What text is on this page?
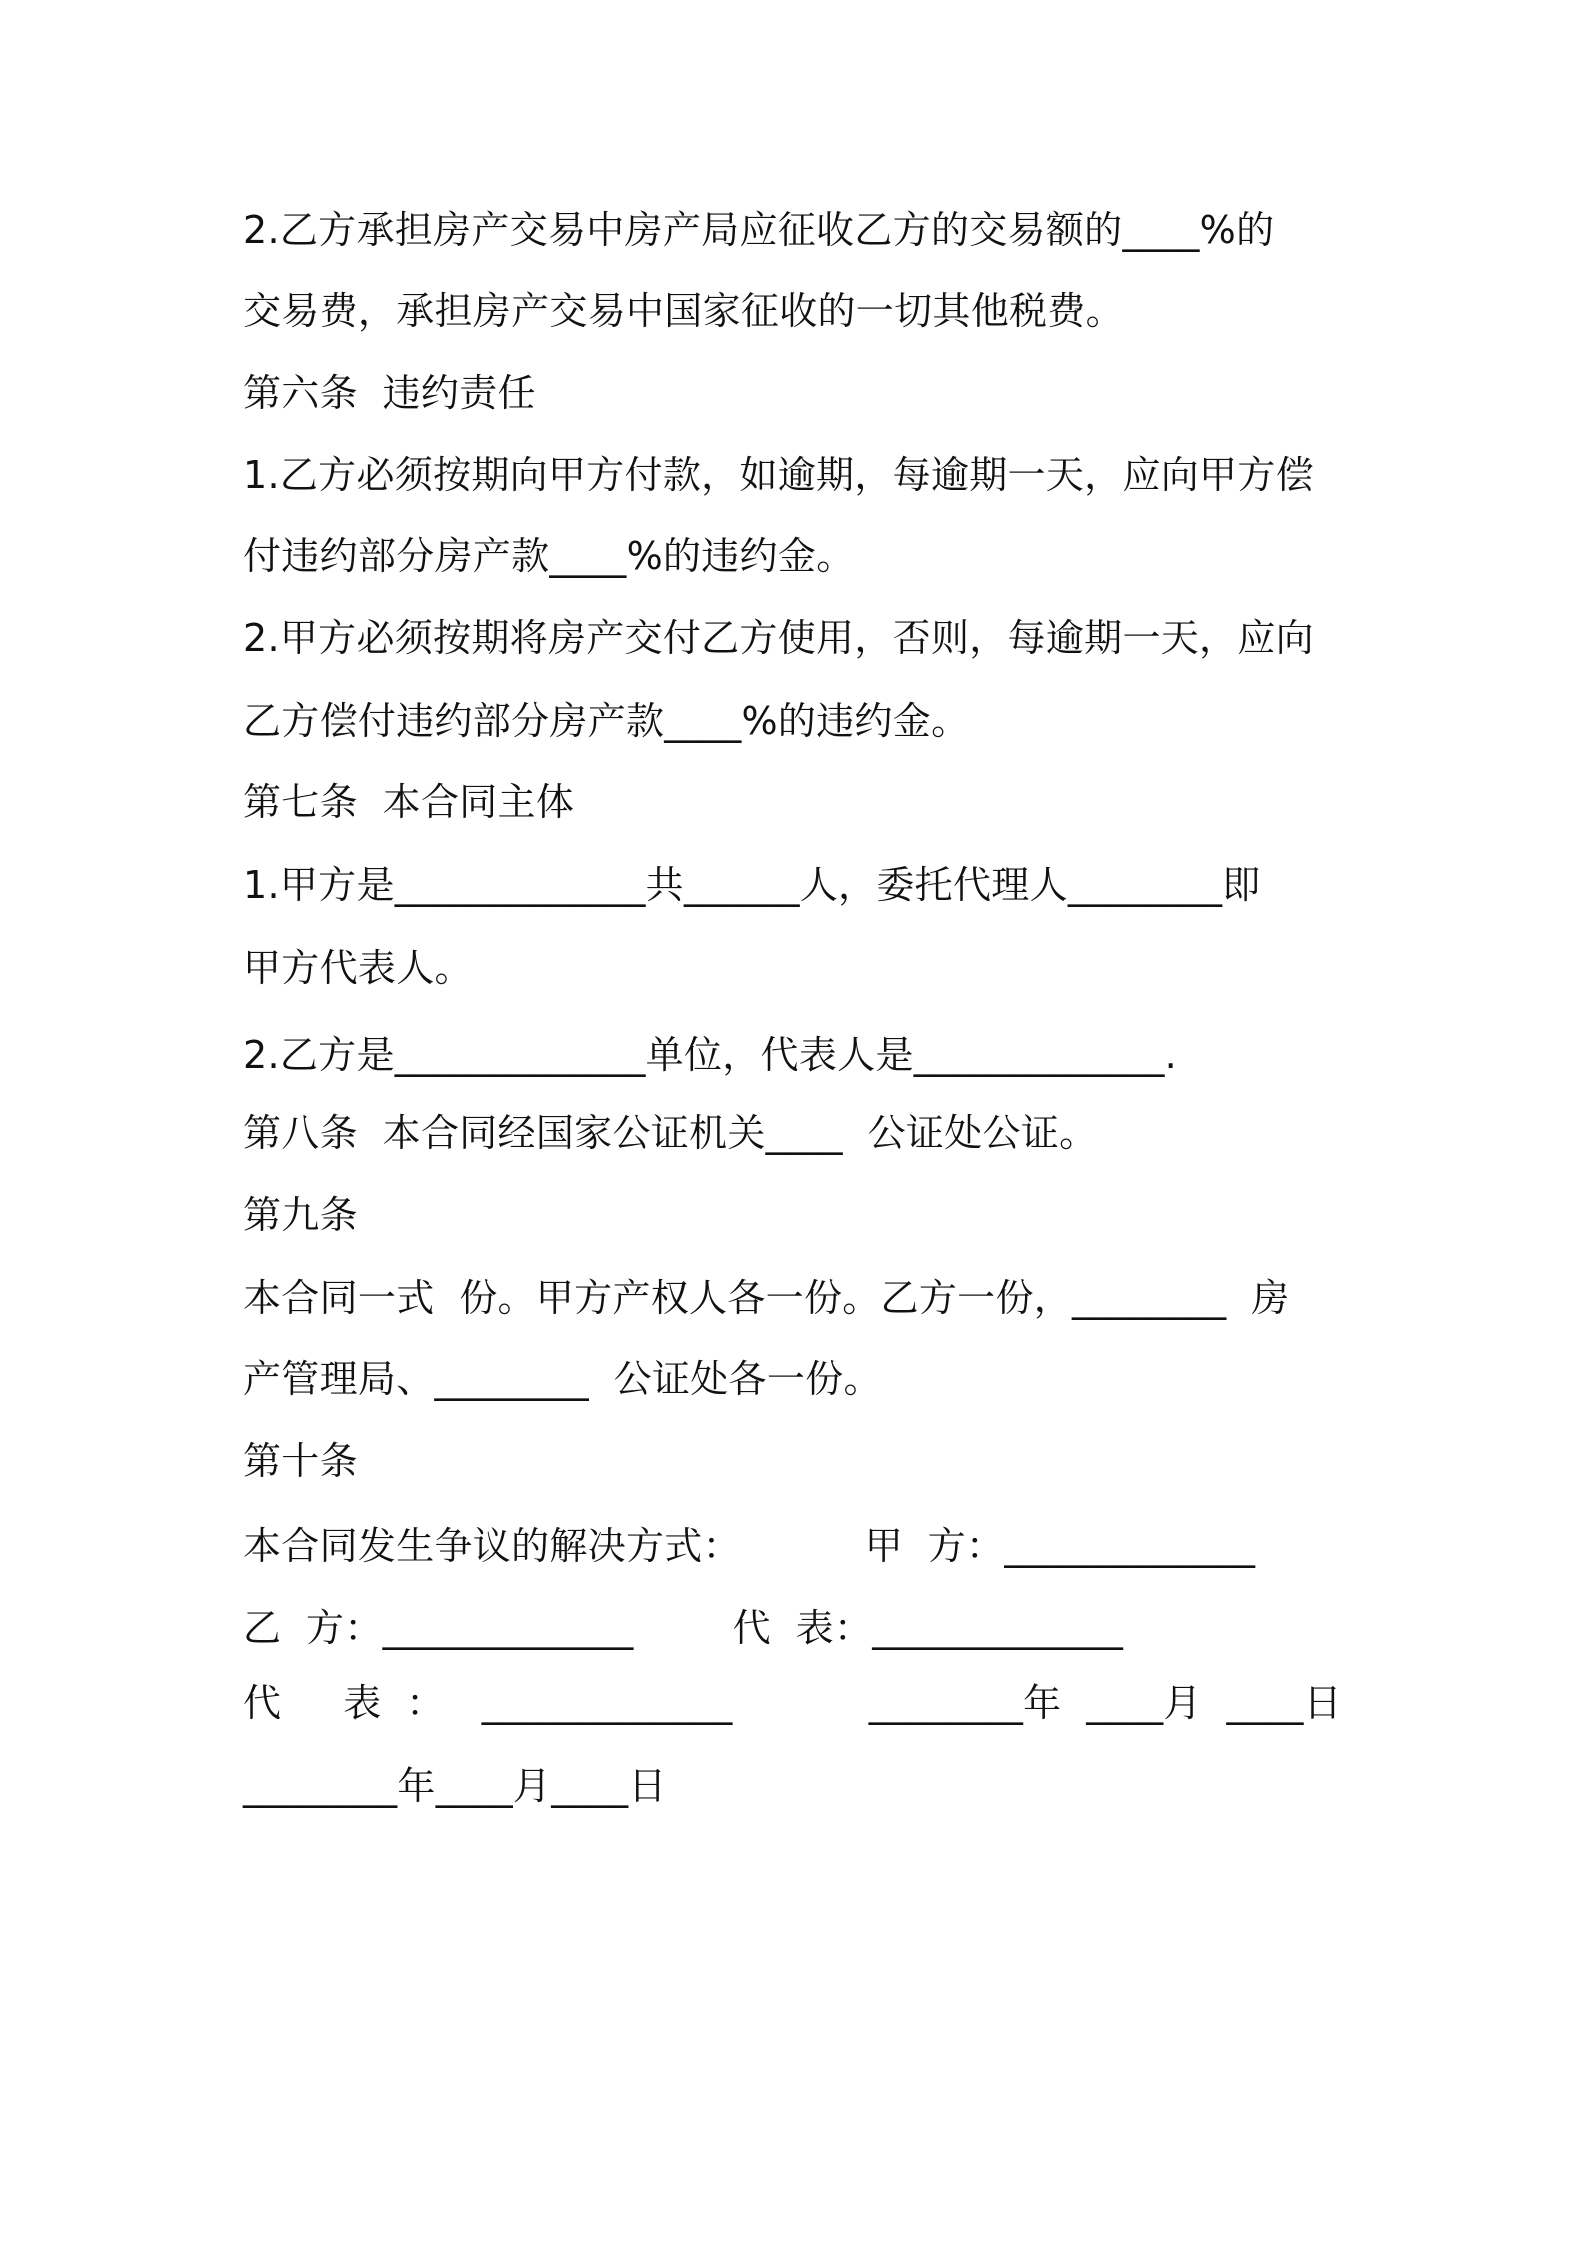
2.乙方承担房产交易中房产局应征收乙方的交易额的____%的
交易费，承担房产交易中国家征收的一切其他税费。
第六条  违约责任
1.乙方必须按期向甲方付款，如逾期，每逾期一天，应向甲方偿
付违约部分房产款____%的违约金。
2.甲方必须按期将房产交付乙方使用，否则，每逾期一天，应向
乙方偿付违约部分房产款____%的违约金。
第七条  本合同主体
1.甲方是_____________共______人，委托代理人________即
甲方代表人。
2.乙方是_____________单位，代表人是_____________.
第八条  本合同经国家公证机关____  公证处公证。
第九条
本合同一式  份。甲方产权人各一份。乙方一份，________  房
产管理局、________  公证处各一份。
第十条
本合同发生争议的解决方式：          甲  方：_____________
乙  方：_____________        代  表：_____________
代     表  ：   _____________           ________年  ____月  ____日
________年____月____日
